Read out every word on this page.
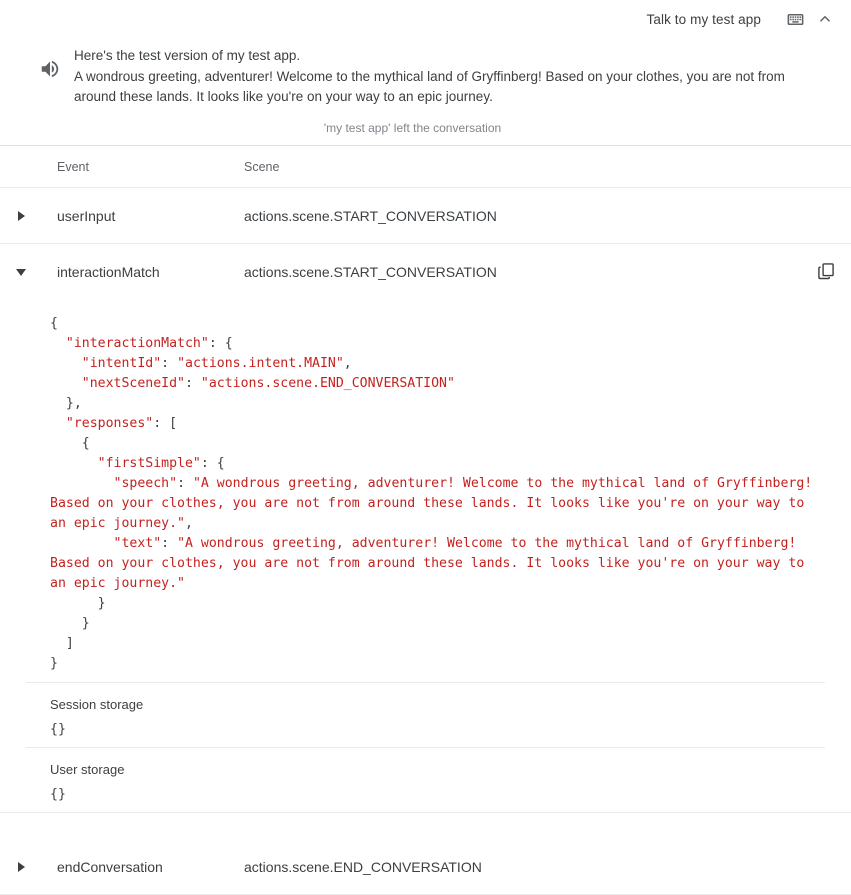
Talk to my test app
Here's the test version of my test app.
A wondrous greeting, adventurer! Welcome to the mythical land of Gryffinberg! Based on your clothes, you are not from around these lands. It looks like you're on your way to an epic journey.
'my test app' left the conversation
Event	Scene
userInput	actions.scene.START_CONVERSATION
interactionMatch	actions.scene.START_CONVERSATION
{
"interactionMatch": {
"intentId": "actions.intent.MAIN",
"nextSceneId": "actions.scene.END_CONVERSATION"
},
"responses": [
{
"firstSimple": {
"speech": "A wondrous greeting, adventurer! Welcome to the mythical land of Gryffinberg! Based on your clothes, you are not from around these lands. It looks like you're on your way to an epic journey.",
"text": "A wondrous greeting, adventurer! Welcome to the mythical land of Gryffinberg! Based on your clothes, you are not from around these lands. It looks like you're on your way to an epic journey."
}
}
]
}
Session storage
{}
User storage
{}
endConversation	actions.scene.END_CONVERSATION
